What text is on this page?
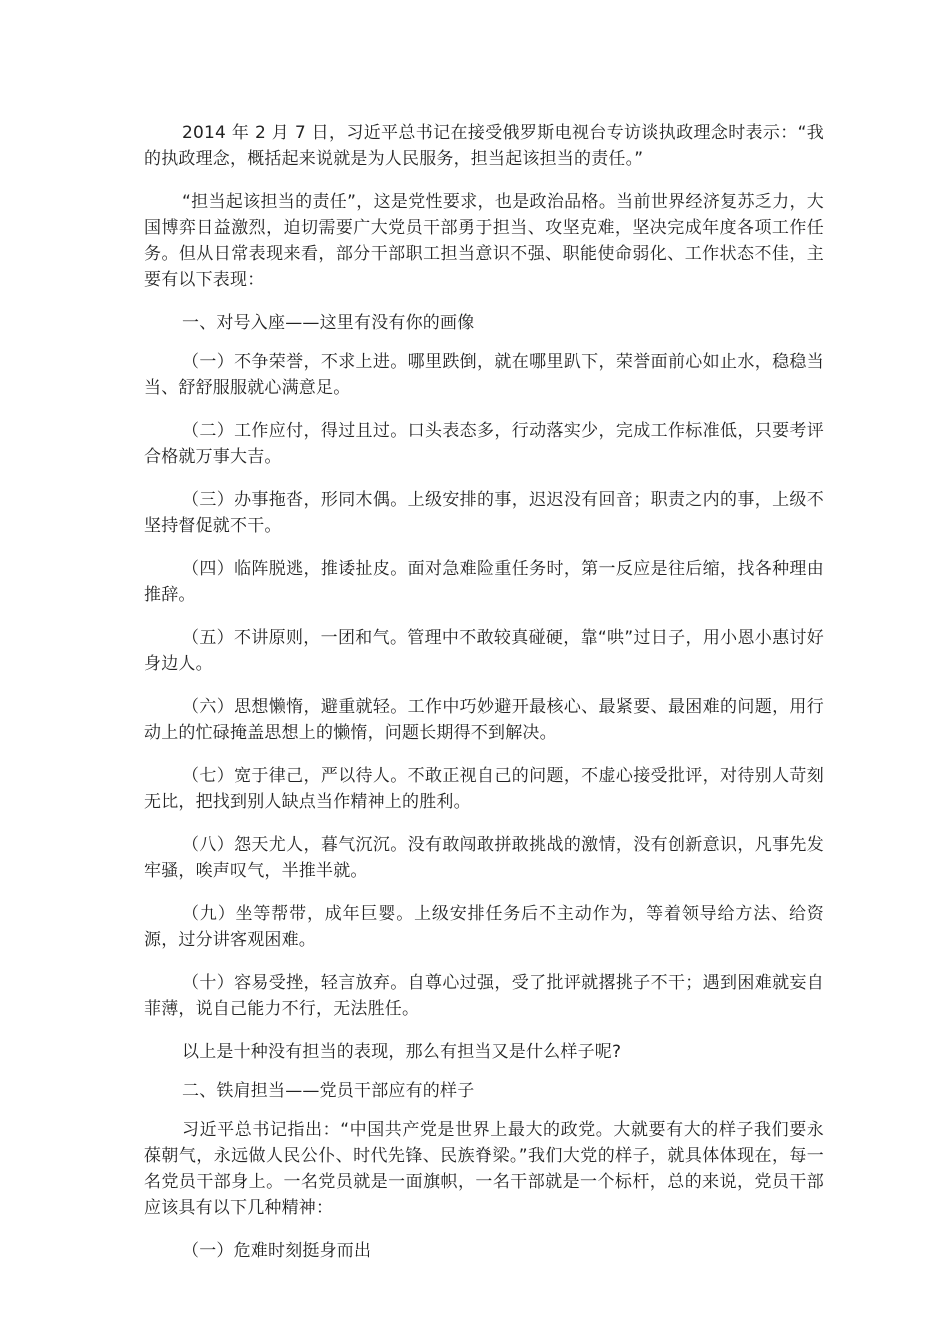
2014 年 2 月 7 日，习近平总书记在接受俄罗斯电视台专访谈执政理念时表示：“我的执政理念，概括起来说就是为人民服务，担当起该担当的责任。”

“担当起该担当的责任”，这是党性要求，也是政治品格。当前世界经济复苏乏力，大国博弈日益激烈，迫切需要广大党员干部勇于担当、攻坚克难，坚决完成年度各项工作任务。但从日常表现来看，部分干部职工担当意识不强、职能使命弱化、工作状态不佳，主要有以下表现：

一、对号入座——这里有没有你的画像

（一）不争荣誉，不求上进。哪里跌倒，就在哪里趴下，荣誉面前心如止水，稳稳当当、舒舒服服就心满意足。

（二）工作应付，得过且过。口头表态多，行动落实少，完成工作标准低，只要考评合格就万事大吉。

（三）办事拖沓，形同木偶。上级安排的事，迟迟没有回音；职责之内的事，上级不坚持督促就不干。

（四）临阵脱逃，推诿扯皮。面对急难险重任务时，第一反应是往后缩，找各种理由推辞。

（五）不讲原则，一团和气。管理中不敢较真碰硬，靠“哄”过日子，用小恩小惠讨好身边人。

（六）思想懒惰，避重就轻。工作中巧妙避开最核心、最紧要、最困难的问题，用行动上的忙碌掩盖思想上的懒惰，问题长期得不到解决。

（七）宽于律己，严以待人。不敢正视自己的问题，不虚心接受批评，对待别人苛刻无比，把找到别人缺点当作精神上的胜利。

（八）怨天尤人，暮气沉沉。没有敢闯敢拼敢挑战的激情，没有创新意识，凡事先发牢骚，唉声叹气，半推半就。

（九）坐等帮带，成年巨婴。上级安排任务后不主动作为，等着领导给方法、给资源，过分讲客观困难。

（十）容易受挫，轻言放弃。自尊心过强，受了批评就撂挑子不干；遇到困难就妄自菲薄，说自己能力不行，无法胜任。

以上是十种没有担当的表现，那么有担当又是什么样子呢?

二、铁肩担当——党员干部应有的样子

习近平总书记指出：“中国共产党是世界上最大的政党。大就要有大的样子我们要永葆朝气，永远做人民公仆、时代先锋、民族脊梁。”我们大党的样子，就具体体现在，每一名党员干部身上。一名党员就是一面旗帜，一名干部就是一个标杆，总的来说，党员干部应该具有以下几种精神：

（一）危难时刻挺身而出
